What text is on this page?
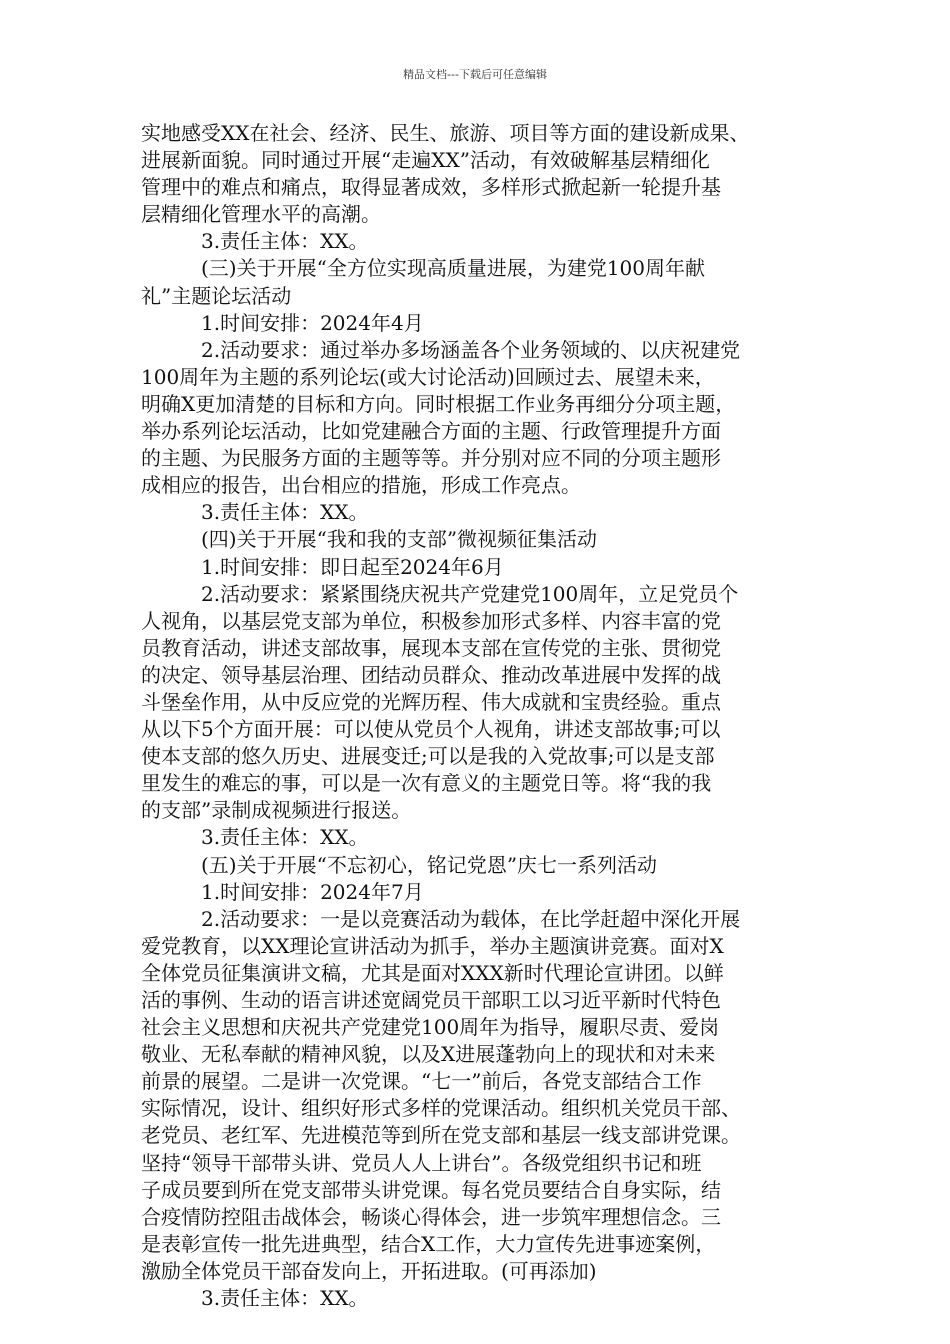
精品文档---下载后可任意编辑
实地感受XX在社会、经济、民生、旅游、项目等方面的建设新成果、
进展新面貌。同时通过开展“走遍XX”活动，有效破解基层精细化
管理中的难点和痛点，取得显著成效，多样形式掀起新一轮提升基
层精细化管理水平的高潮。
3.责任主体：XX。
(三)关于开展“全方位实现高质量进展，为建党100周年献
礼”主题论坛活动
1.时间安排：2024年4月
2.活动要求：通过举办多场涵盖各个业务领域的、以庆祝建党
100周年为主题的系列论坛(或大讨论活动)回顾过去、展望未来，
明确X更加清楚的目标和方向。同时根据工作业务再细分分项主题，
举办系列论坛活动，比如党建融合方面的主题、行政管理提升方面
的主题、为民服务方面的主题等等。并分别对应不同的分项主题形
成相应的报告，出台相应的措施，形成工作亮点。
3.责任主体：XX。
(四)关于开展“我和我的支部”微视频征集活动
1.时间安排：即日起至2024年6月
2.活动要求：紧紧围绕庆祝共产党建党100周年，立足党员个
人视角，以基层党支部为单位，积极参加形式多样、内容丰富的党
员教育活动，讲述支部故事，展现本支部在宣传党的主张、贯彻党
的决定、领导基层治理、团结动员群众、推动改革进展中发挥的战
斗堡垒作用，从中反应党的光辉历程、伟大成就和宝贵经验。重点
从以下5个方面开展：可以使从党员个人视角，讲述支部故事;可以
使本支部的悠久历史、进展变迁;可以是我的入党故事;可以是支部
里发生的难忘的事，可以是一次有意义的主题党日等。将“我的我
的支部”录制成视频进行报送。
3.责任主体：XX。
(五)关于开展“不忘初心，铭记党恩”庆七一系列活动
1.时间安排：2024年7月
2.活动要求：一是以竞赛活动为载体，在比学赶超中深化开展
爱党教育，以XX理论宣讲活动为抓手，举办主题演讲竞赛。面对X
全体党员征集演讲文稿，尤其是面对XXX新时代理论宣讲团。以鲜
活的事例、生动的语言讲述宽阔党员干部职工以习近平新时代特色
社会主义思想和庆祝共产党建党100周年为指导，履职尽责、爱岗
敬业、无私奉献的精神风貌，以及X进展蓬勃向上的现状和对未来
前景的展望。二是讲一次党课。“七一”前后，各党支部结合工作
实际情况，设计、组织好形式多样的党课活动。组织机关党员干部、
老党员、老红军、先进模范等到所在党支部和基层一线支部讲党课。
坚持“领导干部带头讲、党员人人上讲台”。各级党组织书记和班
子成员要到所在党支部带头讲党课。每名党员要结合自身实际，结
合疫情防控阻击战体会，畅谈心得体会，进一步筑牢理想信念。三
是表彰宣传一批先进典型，结合X工作，大力宣传先进事迹案例，
激励全体党员干部奋发向上，开拓进取。(可再添加)
3.责任主体：XX。
